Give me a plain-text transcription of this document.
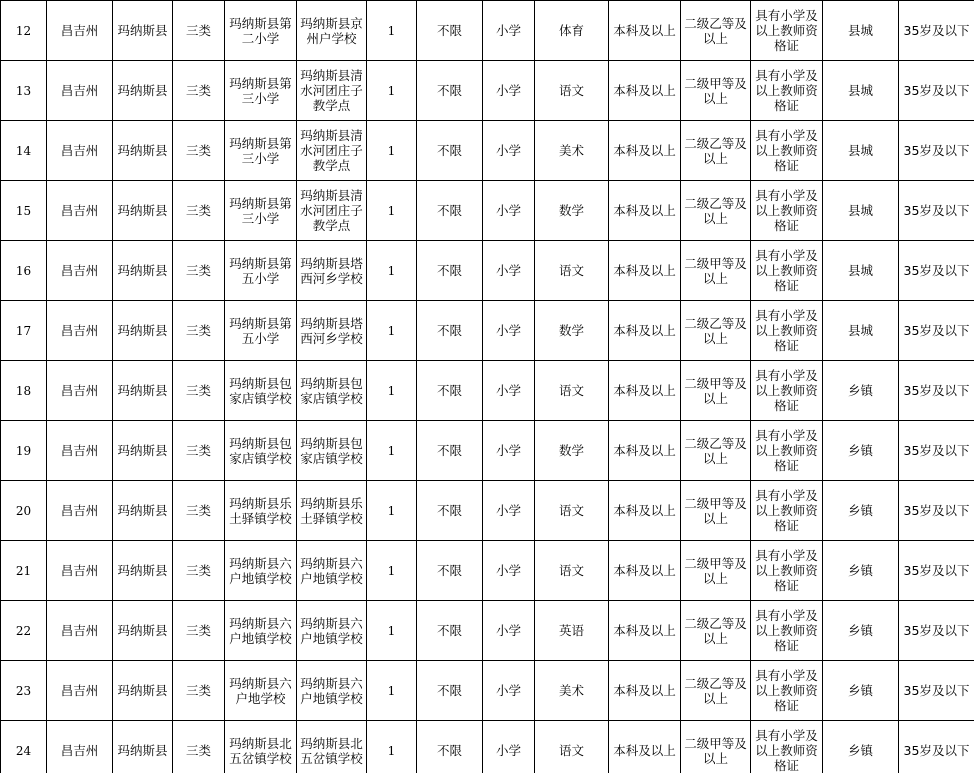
12	昌吉州	玛纳斯县	三类	玛纳斯县第二小学	玛纳斯县京州户学校	1	不限	小学	体育	本科及以上	二级乙等及以上	具有小学及以上教师资格证	县城	35岁及以下
13	昌吉州	玛纳斯县	三类	玛纳斯县第三小学	玛纳斯县清水河团庄子教学点	1	不限	小学	语文	本科及以上	二级甲等及以上	具有小学及以上教师资格证	县城	35岁及以下
14	昌吉州	玛纳斯县	三类	玛纳斯县第三小学	玛纳斯县清水河团庄子教学点	1	不限	小学	美术	本科及以上	二级乙等及以上	具有小学及以上教师资格证	县城	35岁及以下
15	昌吉州	玛纳斯县	三类	玛纳斯县第三小学	玛纳斯县清水河团庄子教学点	1	不限	小学	数学	本科及以上	二级乙等及以上	具有小学及以上教师资格证	县城	35岁及以下
16	昌吉州	玛纳斯县	三类	玛纳斯县第五小学	玛纳斯县塔西河乡学校	1	不限	小学	语文	本科及以上	二级甲等及以上	具有小学及以上教师资格证	县城	35岁及以下
17	昌吉州	玛纳斯县	三类	玛纳斯县第五小学	玛纳斯县塔西河乡学校	1	不限	小学	数学	本科及以上	二级乙等及以上	具有小学及以上教师资格证	县城	35岁及以下
18	昌吉州	玛纳斯县	三类	玛纳斯县包家店镇学校	玛纳斯县包家店镇学校	1	不限	小学	语文	本科及以上	二级甲等及以上	具有小学及以上教师资格证	乡镇	35岁及以下
19	昌吉州	玛纳斯县	三类	玛纳斯县包家店镇学校	玛纳斯县包家店镇学校	1	不限	小学	数学	本科及以上	二级乙等及以上	具有小学及以上教师资格证	乡镇	35岁及以下
20	昌吉州	玛纳斯县	三类	玛纳斯县乐土驿镇学校	玛纳斯县乐土驿镇学校	1	不限	小学	语文	本科及以上	二级甲等及以上	具有小学及以上教师资格证	乡镇	35岁及以下
21	昌吉州	玛纳斯县	三类	玛纳斯县六户地镇学校	玛纳斯县六户地镇学校	1	不限	小学	语文	本科及以上	二级甲等及以上	具有小学及以上教师资格证	乡镇	35岁及以下
22	昌吉州	玛纳斯县	三类	玛纳斯县六户地镇学校	玛纳斯县六户地镇学校	1	不限	小学	英语	本科及以上	二级乙等及以上	具有小学及以上教师资格证	乡镇	35岁及以下
23	昌吉州	玛纳斯县	三类	玛纳斯县六户地学校	玛纳斯县六户地镇学校	1	不限	小学	美术	本科及以上	二级乙等及以上	具有小学及以上教师资格证	乡镇	35岁及以下
24	昌吉州	玛纳斯县	三类	玛纳斯县北五岔镇学校	玛纳斯县北五岔镇学校	1	不限	小学	语文	本科及以上	二级甲等及以上	具有小学及以上教师资格证	乡镇	35岁及以下
